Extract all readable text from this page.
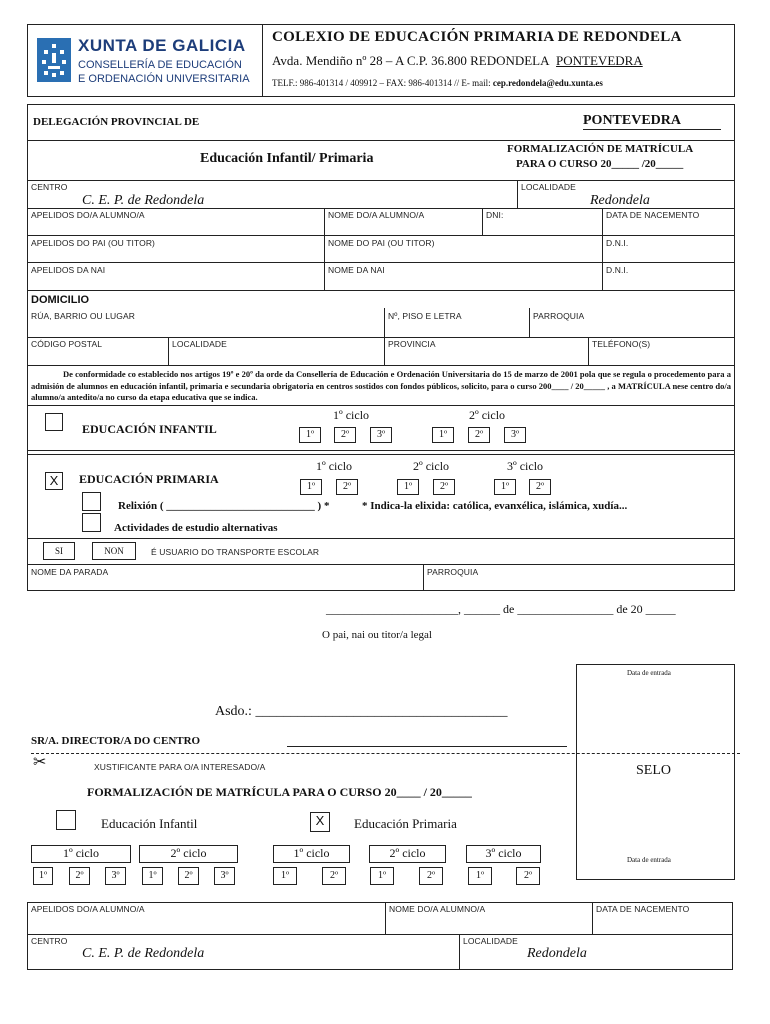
XUNTA DE GALICIA
CONSELLERÍA DE EDUCACIÓN
E ORDENACIÓN UNIVERSITARIA
COLEXIO DE EDUCACIÓN PRIMARIA DE REDONDELA
Avda. Mendiño nº 28 – A C.P. 36.800 REDONDELA PONTEVEDRA
TELF.: 986-401314 / 409912 – FAX: 986-401314 // E- mail: cep.redondela@edu.xunta.es
DELEGACIÓN PROVINCIAL DE	PONTEVEDRA
Educación Infantil/ Primaria
FORMALIZACIÓN DE MATRÍCULA
PARA O CURSO 20_____ /20_____
CENTRO
C. E. P. de Redondela
LOCALIDADE
Redondela
APELIDOS DO/A ALUMNO/A	NOME DO/A ALUMNO/A	DNI:	DATA DE NACEMENTO
APELIDOS DO PAI (OU TITOR)	NOME DO PAI (OU TITOR)	D.N.I.
APELIDOS DA NAI	NOME DA NAI	D.N.I.
DOMICILIO
RÚA, BARRIO OU LUGAR	Nº, PISO E LETRA	PARROQUIA
CÓDIGO POSTAL	LOCALIDADE	PROVINCIA	TELÉFONO(S)
De conformidade co establecido nos artigos 19º e 20º da orde da Consellería de Educación e Ordenación Universitaria do 15 de marzo de 2001 pola que se regula o procedemento para a admisión de alumnos en educación infantil, primaria e secundaria obrigatoria en centros sostidos con fondos públicos, solicito, para o curso 200____ / 20_____ , a MATRÍCULA nese centro do/a alumno/a antedito/a no curso da etapa educativa que se indica.
EDUCACIÓN INFANTIL
1º ciclo	2º ciclo
1º	2º	3º	1º	2º	3º
X	EDUCACIÓN PRIMARIA
1º ciclo	2º ciclo	3º ciclo
1º	2º	1º	2º	1º	2º
Relixión ( ___________________________ ) *	* Indica-la elixida: católica, evanxélica, islámica, xudía...
Actividades de estudio alternativas
SI	NON	É USUARIO DO TRANSPORTE ESCOLAR
NOME DA PARADA	PARROQUIA
______________________, ______ de ________________ de 20 _____
O pai, nai ou titor/a legal
Data de entrada
Asdo.: ____________________________________
SR/A. DIRECTOR/A DO CENTRO
✂	XUSTIFICANTE PARA O/A INTERESADO/A	SELO
FORMALIZACIÓN DE MATRÍCULA PARA O CURSO 20____ / 20_____
Educación Infantil	X	Educación Primaria
1º ciclo	2º ciclo
1º	2º	3º	1º	2º	3º
1º ciclo	2º ciclo	3º ciclo
1º	2º	1º	2º	1º	2º
Data de entrada
APELIDOS DO/A ALUMNO/A	NOME DO/A ALUMNO/A	DATA DE NACEMENTO
CENTRO
C. E. P. de Redondela
LOCALIDADE
Redondela
